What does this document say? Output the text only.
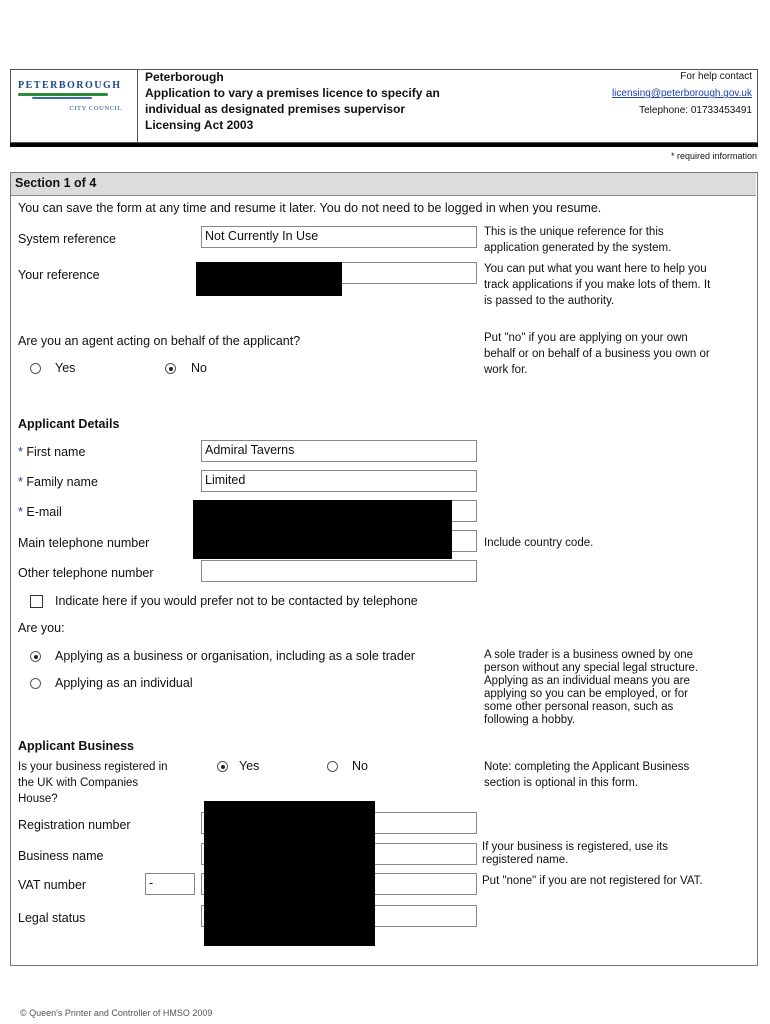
PETERBOROUGH
CITY COUNCIL
Peterborough
Application to vary a premises licence to specify an
individual as designated premises supervisor
Licensing Act 2003
For help contact
licensing@peterborough.gov.uk
Telephone: 01733453491
* required information
Section 1 of 4
You can save the form at any time and resume it later. You do not need to be logged in when you resume.
System reference	Not Currently In Use	This is the unique reference for this
application generated by the system.
Your reference	You can put what you want here to help you
track applications if you make lots of them. It
is passed to the authority.
Are you an agent acting on behalf of the applicant?
Yes	No
Put "no" if you are applying on your own
behalf or on behalf of a business you own or
work for.
Applicant Details
* First name	Admiral Taverns
* Family name	Limited
* E-mail
Main telephone number	Include country code.
Other telephone number
Indicate here if you would prefer not to be contacted by telephone
Are you:
Applying as a business or organisation, including as a sole trader
Applying as an individual
A sole trader is a business owned by one
person without any special legal structure.
Applying as an individual means you are
applying so you can be employed, or for
some other personal reason, such as
following a hobby.
Applicant Business
Is your business registered in
the UK with Companies
House?
Yes	No	Note: completing the Applicant Business
section is optional in this form.
Registration number
Business name
If your business is registered, use its
registered name.
VAT number	-	Put "none" if you are not registered for VAT.
Legal status
© Queen's Printer and Controller of HMSO 2009
